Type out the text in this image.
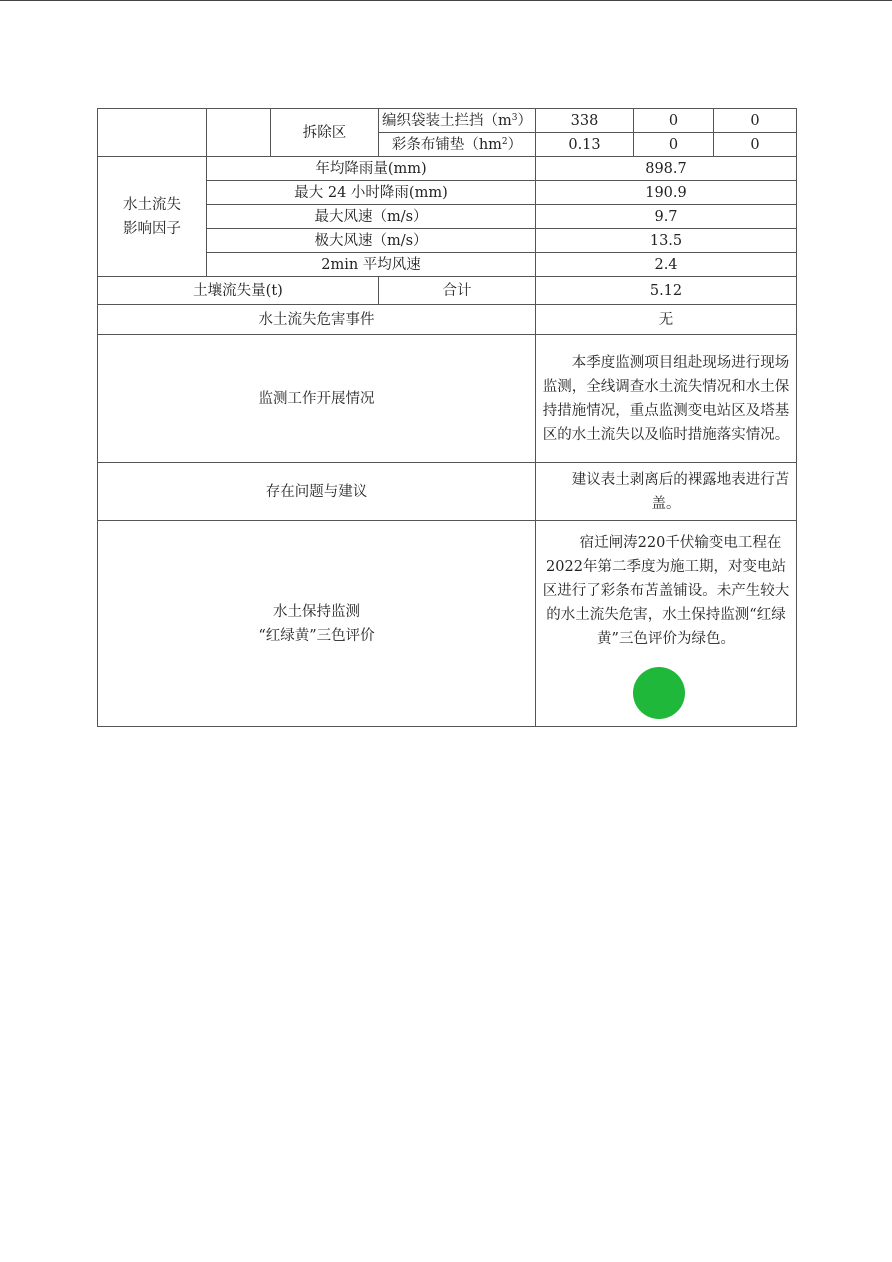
		拆除区	编织袋装土拦挡$(m^3)$	338	0	0
			彩条布铺垫$(hm^2)$	0.13	0	0
水土流失
影响因子	年均降雨量(mm)			898.7		
	最大 24 小时降雨(mm)			190.9		
	最大风速（m/s）			9.7		
	极大风速（m/s）			13.5		
	2min 平均风速			2.4		
土壤流失量(t)			合计	5.12		
水土流失危害事件				无		
监测工作开展情况				本季度监测项目组赴现场进行现场监测，全线调查水土流失情况和水土保持措施情况，重点监测变电站区及塔基区的水土流失以及临时措施落实情况。		
存在问题与建议				建议表土剥离后的裸露地表进行苫盖。		
水土保持监测
“红绿黄”三色评价				宿迁闸涛220千伏输变电工程在2022年第二季度为施工期，对变电站区进行了彩条布苫盖铺设。未产生较大的水土流失危害，水土保持监测“红绿黄”三色评价为绿色。		
